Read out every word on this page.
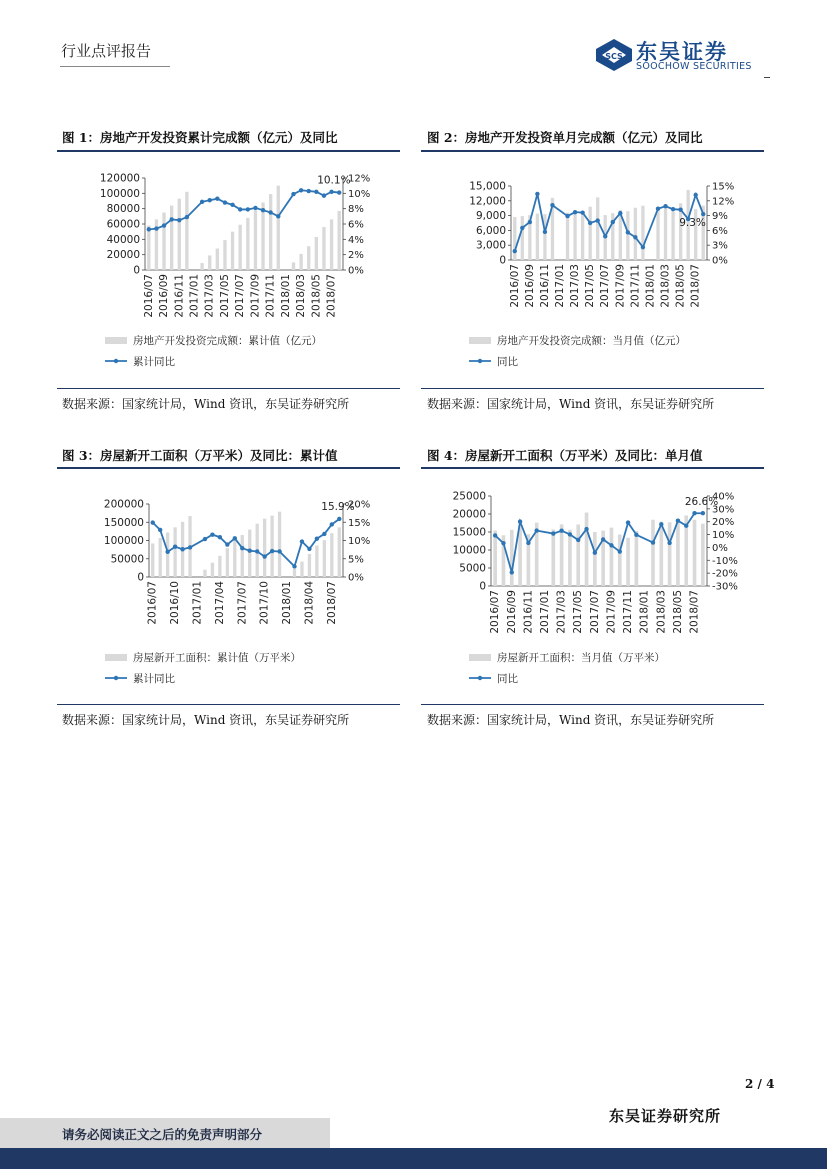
行业点评报告	SCS 东吴证券
SOOCHOW SECURITIES
图 1：房地产开发投资累计完成额（亿元）及同比
0
20000
40000
60000
80000
100000
120000
0%
2%
4%
6%
8%
10%
12%
10.1%
2016/07 2016/09 2016/11 2017/01 2017/03 2017/05 2017/07 2017/09 2017/11 2018/01 2018/03 2018/05 2018/07
房地产开发投资完成额：累计值（亿元）
累计同比
数据来源：国家统计局，Wind 资讯，东吴证券研究所
图 2：房地产开发投资单月完成额（亿元）及同比
0
3,000
6,000
9,000
12,000
15,000
0%
3%
6%
9%
12%
15%
9.3%
2016/07 2016/09 2016/11 2017/01 2017/03 2017/05 2017/07 2017/09 2017/11 2018/01 2018/03 2018/05 2018/07
房地产开发投资完成额：当月值（亿元）
同比
数据来源：国家统计局，Wind 资讯，东吴证券研究所
图 3：房屋新开工面积（万平米）及同比：累计值
0
50000
100000
150000
200000
0%
5%
10%
15%
20%
15.9%
2016/07 2016/10 2017/01 2017/04 2017/07 2017/10 2018/01 2018/04 2018/07
房屋新开工面积：累计值（万平米）
累计同比
数据来源：国家统计局，Wind 资讯，东吴证券研究所
图 4：房屋新开工面积（万平米）及同比：单月值
0
5000
10000
15000
20000
25000
-30%
-20%
-10%
0%
10%
20%
30%
40%
26.6%
2016/07 2016/09 2016/11 2017/01 2017/03 2017/05 2017/07 2017/09 2017/11 2018/01 2018/03 2018/05 2018/07
房屋新开工面积：当月值（万平米）
同比
数据来源：国家统计局，Wind 资讯，东吴证券研究所
2 / 4
东吴证券研究所
请务必阅读正文之后的免责声明部分
